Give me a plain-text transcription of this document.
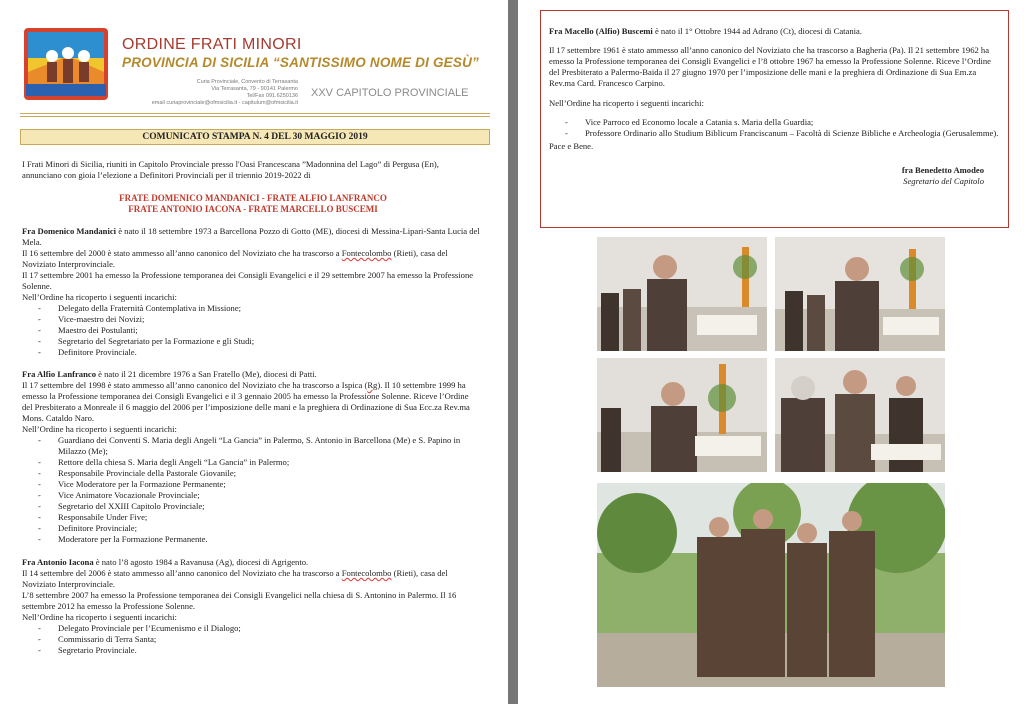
ORDINE FRATI MINORI
PROVINCIA DI SICILIA “SANTISSIMO NOME DI GESÙ”
Curia Provinciale, Convento di Terrasanta
Via Terrasanta, 79 - 90141 Palermo
Tel/Fax 091.6250136
email curiaprovinciale@ofmsicilia.it - capitulum@ofmsicilia.it
XXV CAPITOLO PROVINCIALE
COMUNICATO STAMPA N. 4 DEL 30 MAGGIO 2019
I Frati Minori di Sicilia, riuniti in Capitolo Provinciale presso l'Oasi Francescana ”Madonnina del Lago” di Pergusa (En), annunciano con gioia l’elezione a Definitori Provinciali per il triennio 2019-2022 di
FRATE DOMENICO MANDANICI - FRATE ALFIO LANFRANCO
FRATE ANTONIO IACONA - FRATE MARCELLO BUSCEMI

Fra Domenico Mandanici è nato il 18 settembre 1973 a Barcellona Pozzo di Gotto (ME), diocesi di Messina-Lipari-Santa Lucia del Mela.

Il 16 settembre del 2000 è stato ammesso all’anno canonico del Noviziato che ha trascorso a Fontecolombo (Rieti), casa del Noviziato Interprovinciale.

Il 17 settembre 2001 ha emesso la Professione temporanea dei Consigli Evangelici e il 29 settembre 2007 ha emesso la Professione Solenne.

Nell’Ordine ha ricoperto i seguenti incarichi:

- Delegato della Fraternità Contemplativa in Missione;
- Vice-maestro dei Novizi;
- Maestro dei Postulanti;
- Segretario del Segretariato per la Formazione e gli Studi;
- Definitore Provinciale.

Fra Alfio Lanfranco è nato il 21 dicembre 1976 a San Fratello (Me), diocesi di Patti.

Il 17 settembre del 1998 è stato ammesso all’anno canonico del Noviziato che ha trascorso a Ispica (Rg). Il 10 settembre 1999 ha emesso la Professione temporanea dei Consigli Evangelici e il 3 gennaio 2005 ha emesso la Professione Solenne. Riceve l’Ordine del Presbiterato a Monreale il 6 maggio del 2006 per l’imposizione delle mani e la preghiera di Ordinazione di Sua Ecc.za Rev.ma Mons. Cataldo Naro.

Nell’Ordine ha ricoperto i seguenti incarichi:

- Guardiano dei Conventi S. Maria degli Angeli “La Gancia” in Palermo, S. Antonio in Barcellona (Me) e S. Papino in Milazzo (Me);
- Rettore della chiesa S. Maria degli Angeli “La Gancia” in Palermo;
- Responsabile Provinciale della Pastorale Giovanile;
- Vice Moderatore per la Formazione Permanente;
- Vice Animatore Vocazionale Provinciale;
- Segretario del XXIII Capitolo Provinciale;
- Responsabile Under Five;
- Definitore Provinciale;
- Moderatore per la Formazione Permanente.

Fra Antonio Iacona è nato l’8 agosto 1984 a Ravanusa (Ag), diocesi di Agrigento.

Il 14 settembre del 2006 è stato ammesso all’anno canonico del Noviziato che ha trascorso a Fontecolombo (Rieti), casa del Noviziato Interprovinciale.

L’8 settembre 2007 ha emesso la Professione temporanea dei Consigli Evangelici nella chiesa di S. Antonino in Palermo. Il 16 settembre 2012 ha emesso la Professione Solenne.

Nell’Ordine ha ricoperto i seguenti incarichi:

- Delegato Provinciale per l’Ecumenismo e il Dialogo;
- Commissario di Terra Santa;
- Segretario Provinciale.

Fra Macello (Alfio) Buscemi è nato il 1° Ottobre 1944 ad Adrano (Ct), diocesi di Catania.

Il 17 settembre 1961 è stato ammesso all’anno canonico del Noviziato che ha trascorso a Bagheria (Pa). Il 21 settembre 1962 ha emesso la Professione temporanea dei Consigli Evangelici e l’8 ottobre 1967 ha emesso la Professione Solenne. Riceve l’Ordine del Presbiterato a Palermo-Baida il 27 giugno 1970 per l’imposizione delle mani e la preghiera di Ordinazione di Sua Em.za Rev.ma Card. Francesco Carpino.

Nell’Ordine ha ricoperto i seguenti incarichi:

- Vice Parroco ed Economo locale a Catania s. Maria della Guardia;
- Professore Ordinario allo Studium Biblicum Franciscanum – Facoltà di Scienze Bibliche e Archeologia (Gerusalemme).
Pace e Bene.
fra Benedetto Amodeo
Segretario del Capitolo
